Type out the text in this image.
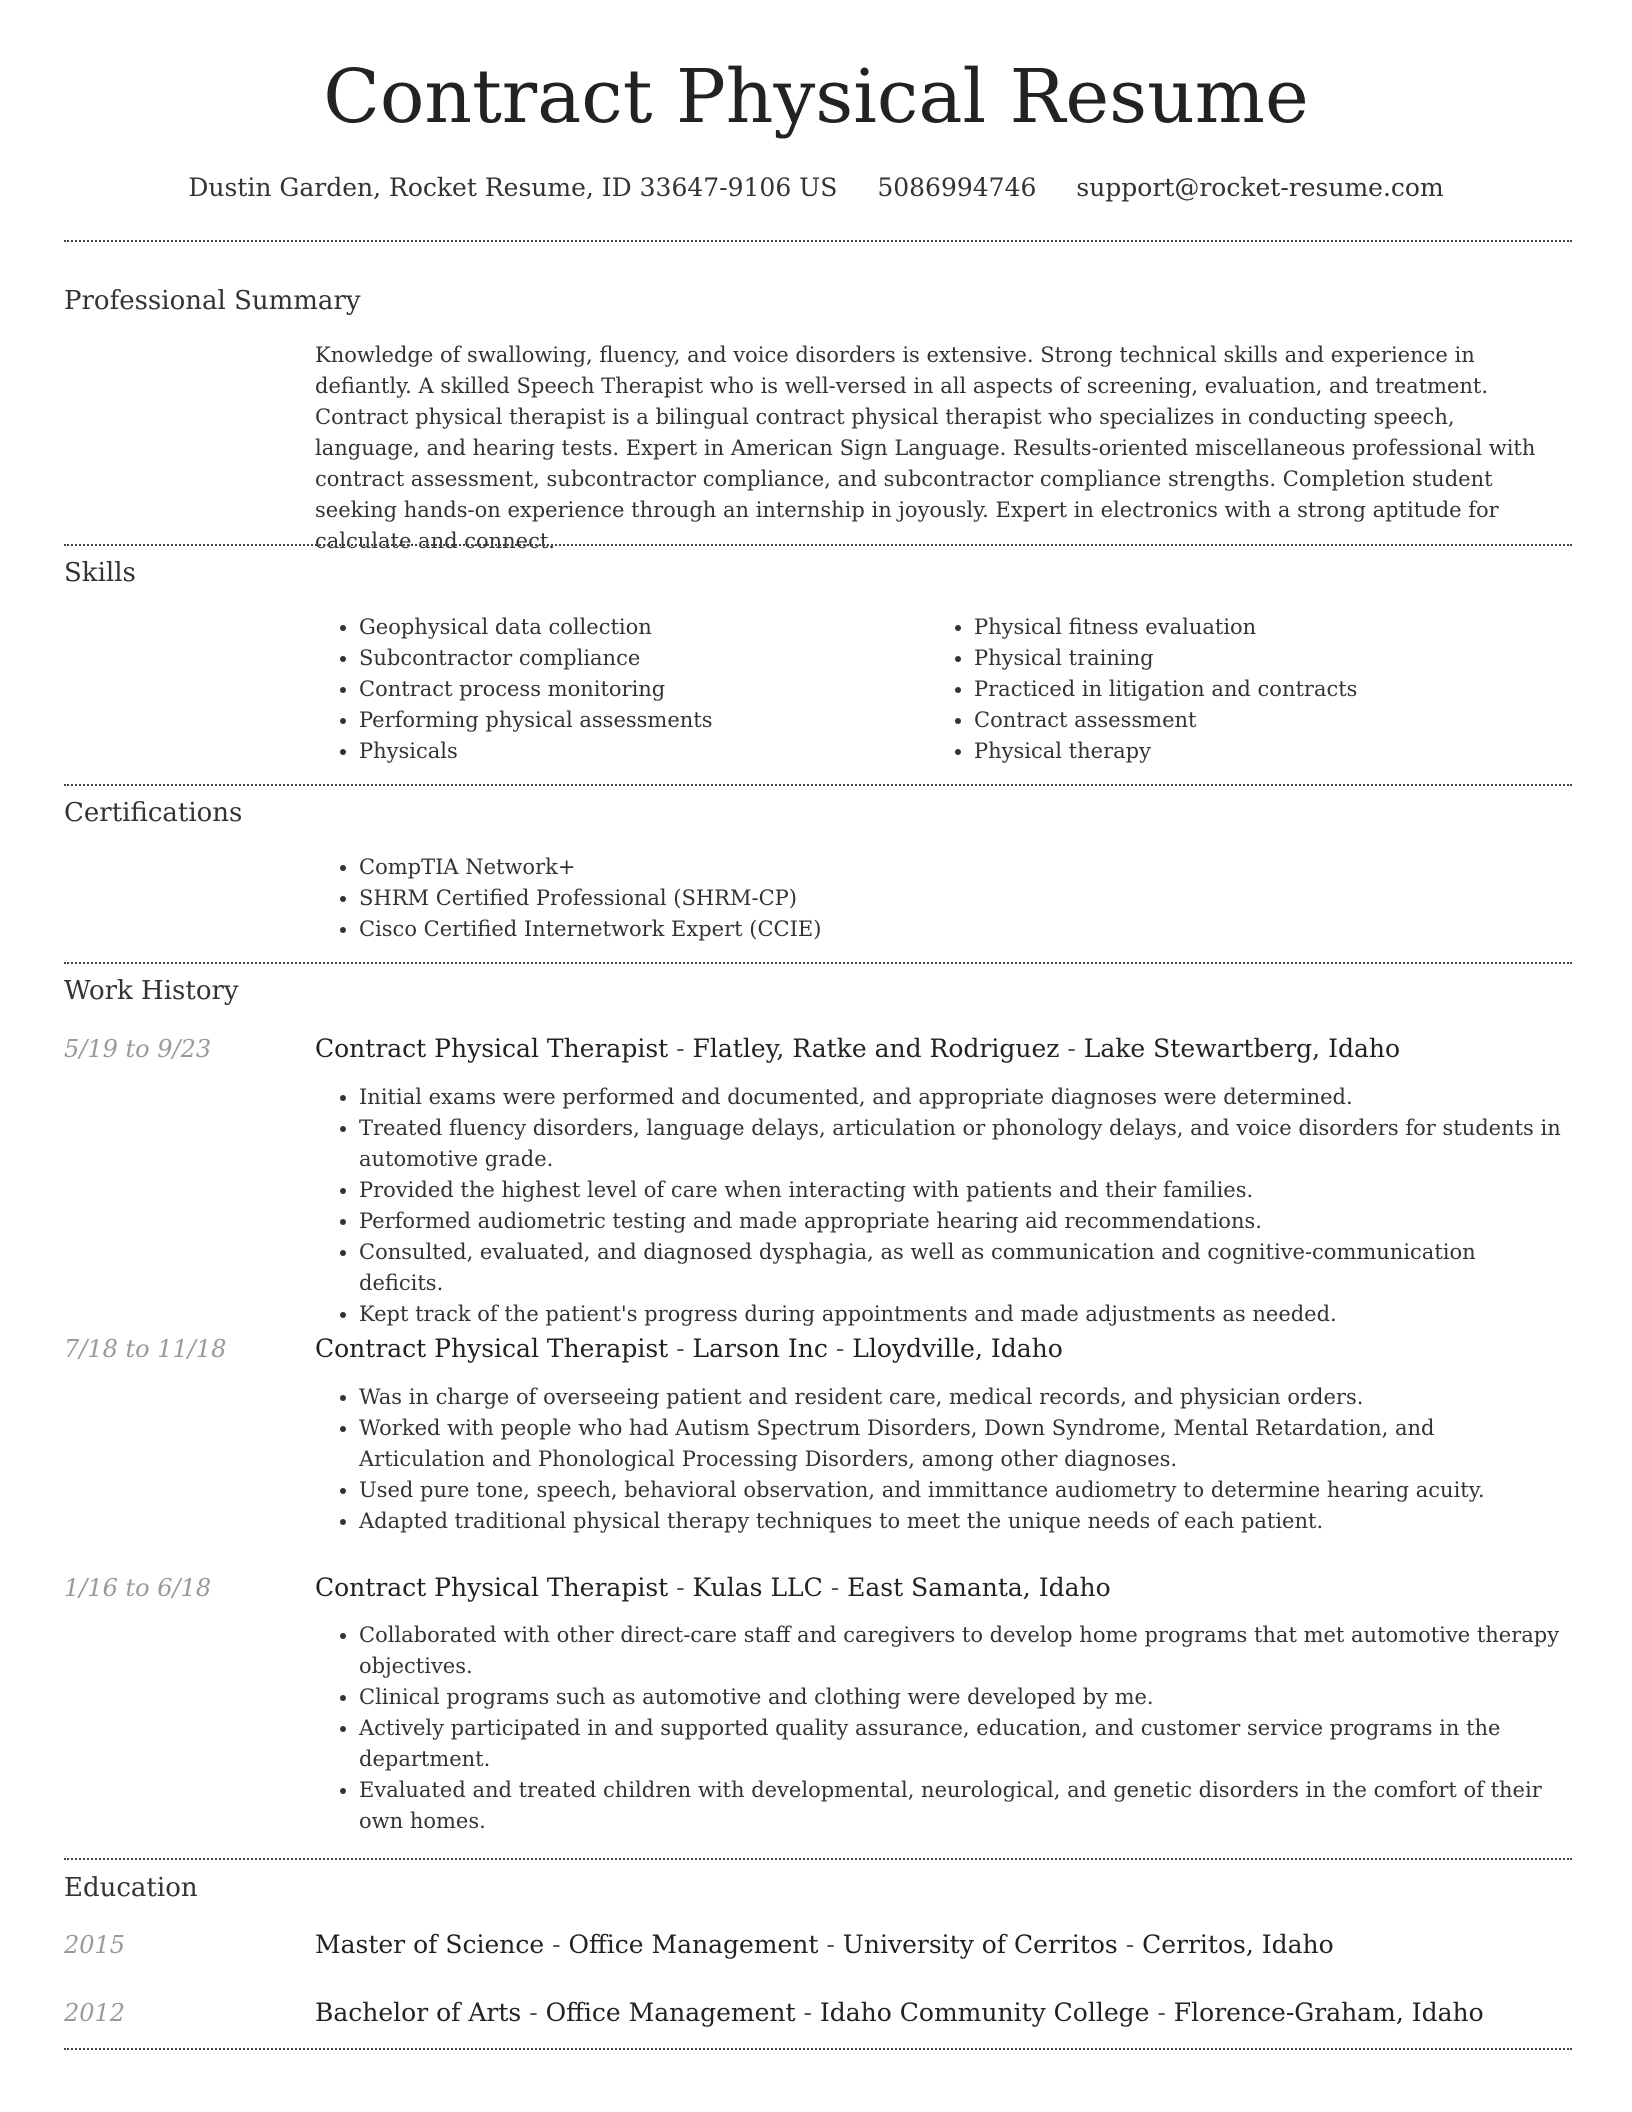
Contract Physical Resume
Dustin Garden, Rocket Resume, ID 33647-9106 US 5086994746 support@rocket-resume.com
Professional Summary

Knowledge of swallowing, fluency, and voice disorders is extensive. Strong technical skills and experience in defiantly. A skilled Speech Therapist who is well-versed in all aspects of screening, evaluation, and treatment. Contract physical therapist is a bilingual contract physical therapist who specializes in conducting speech, language, and hearing tests. Expert in American Sign Language. Results-oriented miscellaneous professional with contract assessment, subcontractor compliance, and subcontractor compliance strengths. Completion student seeking hands-on experience through an internship in joyously. Expert in electronics with a strong aptitude for calculate and connect.

Skills
• Geophysical data collection
• Subcontractor compliance
• Contract process monitoring
• Performing physical assessments
• Physicals
• Physical fitness evaluation
• Physical training
• Practiced in litigation and contracts
• Contract assessment
• Physical therapy
Certifications
• CompTIA Network+
• SHRM Certified Professional (SHRM-CP)
• Cisco Certified Internetwork Expert (CCIE)
Work History
5/19 to 9/23	Contract Physical Therapist - Flatley, Ratke and Rodriguez - Lake Stewartberg, Idaho
• Initial exams were performed and documented, and appropriate diagnoses were determined.
• Treated fluency disorders, language delays, articulation or phonology delays, and voice disorders for students in automotive grade.
• Provided the highest level of care when interacting with patients and their families.
• Performed audiometric testing and made appropriate hearing aid recommendations.
• Consulted, evaluated, and diagnosed dysphagia, as well as communication and cognitive-communication deficits.
• Kept track of the patient's progress during appointments and made adjustments as needed.
7/18 to 11/18	Contract Physical Therapist - Larson Inc - Lloydville, Idaho
• Was in charge of overseeing patient and resident care, medical records, and physician orders.
• Worked with people who had Autism Spectrum Disorders, Down Syndrome, Mental Retardation, and Articulation and Phonological Processing Disorders, among other diagnoses.
• Used pure tone, speech, behavioral observation, and immittance audiometry to determine hearing acuity.
• Adapted traditional physical therapy techniques to meet the unique needs of each patient.
1/16 to 6/18	Contract Physical Therapist - Kulas LLC - East Samanta, Idaho
• Collaborated with other direct-care staff and caregivers to develop home programs that met automotive therapy objectives.
• Clinical programs such as automotive and clothing were developed by me.
• Actively participated in and supported quality assurance, education, and customer service programs in the department.
• Evaluated and treated children with developmental, neurological, and genetic disorders in the comfort of their own homes.
Education
2015	Master of Science - Office Management - University of Cerritos - Cerritos, Idaho
2012	Bachelor of Arts - Office Management - Idaho Community College - Florence-Graham, Idaho
